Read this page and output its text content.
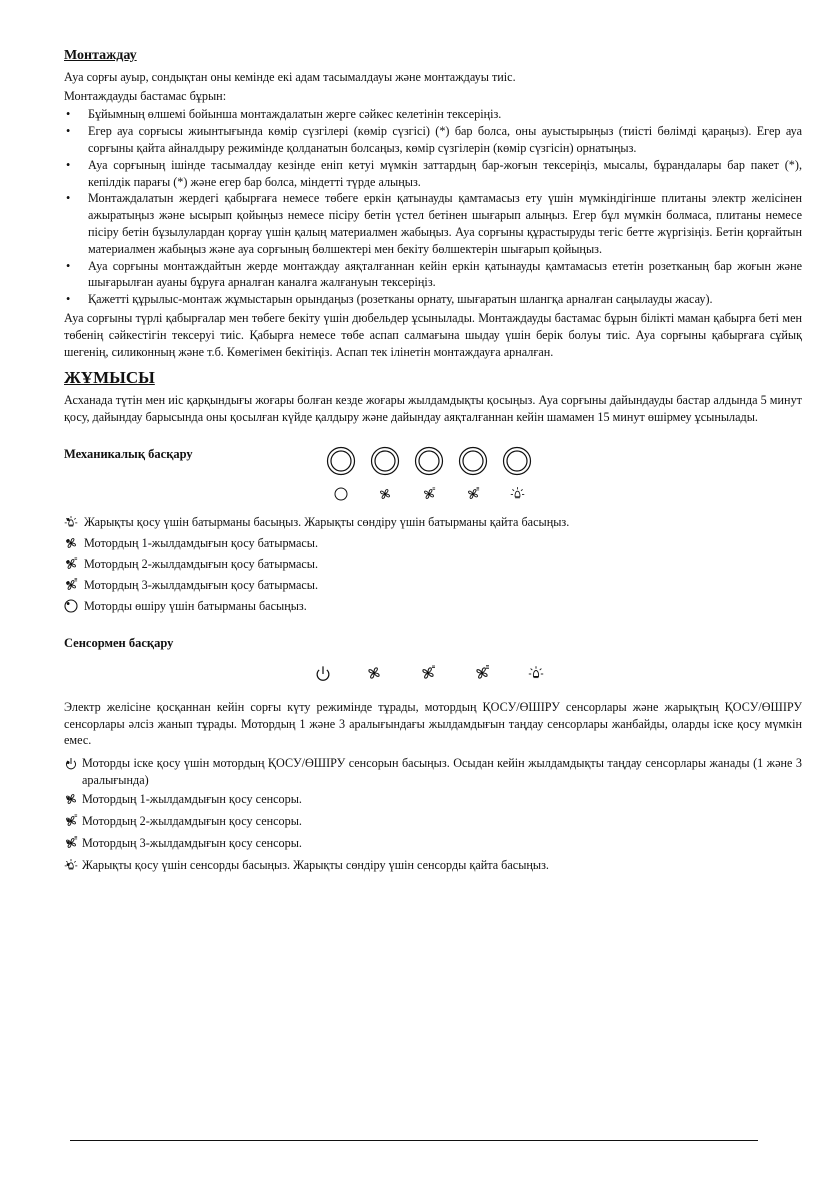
Монтаждау

Ауа сорғы ауыр, сондықтан оны кемінде екі адам тасымалдауы және монтаждауы тиіс.

Монтаждауды бастамас бұрын:

• Бұйымның өлшемі бойынша монтаждалатын жерге сәйкес келетінін тексеріңіз.
• Егер ауа сорғысы жиынтығында көмір сүзгілері (көмір сүзгісі) (*) бар болса, оны ауыстырыңыз (тиісті бөлімді қараңыз). Егер ауа сорғыны қайта айналдыру режимінде қолданатын болсаңыз, көмір сүзгілерін (көмір сүзгісін) орнатыңыз.
• Ауа сорғының ішінде тасымалдау кезінде еніп кетуі мүмкін заттардың бар-жоғын тексеріңіз, мысалы, бұрандалары бар пакет (*), кепілдік парағы (*) және егер бар болса, міндетті түрде алыңыз.
• Монтаждалатын жердегі қабырғаға немесе төбеге еркін қатынауды қамтамасыз ету үшін мүмкіндігінше плитаны электр желісінен ажыратыңыз және ысырып қойыңыз немесе пісіру бетін үстел бетінен шығарып алыңыз. Егер бұл мүмкін болмаса, плитаны немесе пісіру бетін бұзылулардан қорғау үшін қалың материалмен жабыңыз. Ауа сорғыны құрастыруды тегіс бетте жүргізіңіз. Бетін қорғайтын материалмен жабыңыз және ауа сорғының бөлшектері мен бекіту бөлшектерін шығарып қойыңыз.
• Ауа сорғыны монтаждайтын жерде монтаждау аяқталғаннан кейін еркін қатынауды қамтамасыз ететін розетканың бар жоғын және шығарылған ауаны бұруға арналған каналға жалғануын тексеріңіз.
• Қажетті құрылыс-монтаж жұмыстарын орындаңыз (розетканы орнату, шығаратын шлангқа арналған саңылауды жасау).

Ауа сорғыны түрлі қабырғалар мен төбеге бекіту үшін дюбельдер ұсынылады. Монтаждауды бастамас бұрын білікті маман қабырға беті мен төбенің сәйкестігін тексеруі тиіс. Қабырға немесе төбе аспап салмағына шыдау үшін берік болуы тиіс. Ауа сорғыны қабырғаға сұйық шегенің, силиконның және т.б. Көмегімен бекітіңіз. Аспап тек ілінетін монтаждауға арналған.

ЖҰМЫСЫ

Асханада түтін мен иіс қарқындығы жоғары болған кезде жоғары жылдамдықты қосыңыз. Ауа сорғыны дайындауды бастар алдында 5 минут қосу, дайындау барысында оны қосылған күйде қалдыру және дайындау аяқталғаннан кейін шамамен 15 минут өшірмеу ұсынылады.

Механикалық басқару
• Жарықты қосу үшін батырманы басыңыз. Жарықты сөндіру үшін батырманы қайта басыңыз.
• Мотордың 1-жылдамдығын қосу батырмасы.
• Мотордың 2-жылдамдығын қосу батырмасы.
• Мотордың 3-жылдамдығын қосу батырмасы.
• Моторды өшіру үшін батырманы басыңыз.
Сенсормен басқару

Электр желісіне қосқаннан кейін сорғы күту режимінде тұрады, мотордың ҚОСУ/ӨШІРУ сенсорлары және жарықтың ҚОСУ/ӨШІРУ сенсорлары әлсіз жанып тұрады. Мотордың 1 және 3 аралығындағы жылдамдығын таңдау сенсорлары жанбайды, оларды іске қосу мүмкін емес.

• Моторды іске қосу үшін мотордың ҚОСУ/ӨШІРУ сенсорын басыңыз. Осыдан кейін жылдамдықты таңдау сенсорлары жанады (1 және 3 аралығында)
• Мотордың 1-жылдамдығын қосу сенсоры.
• Мотордың 2-жылдамдығын қосу сенсоры.
• Мотордың 3-жылдамдығын қосу сенсоры.
• Жарықты қосу үшін сенсорды басыңыз. Жарықты сөндіру үшін сенсорды қайта басыңыз.
